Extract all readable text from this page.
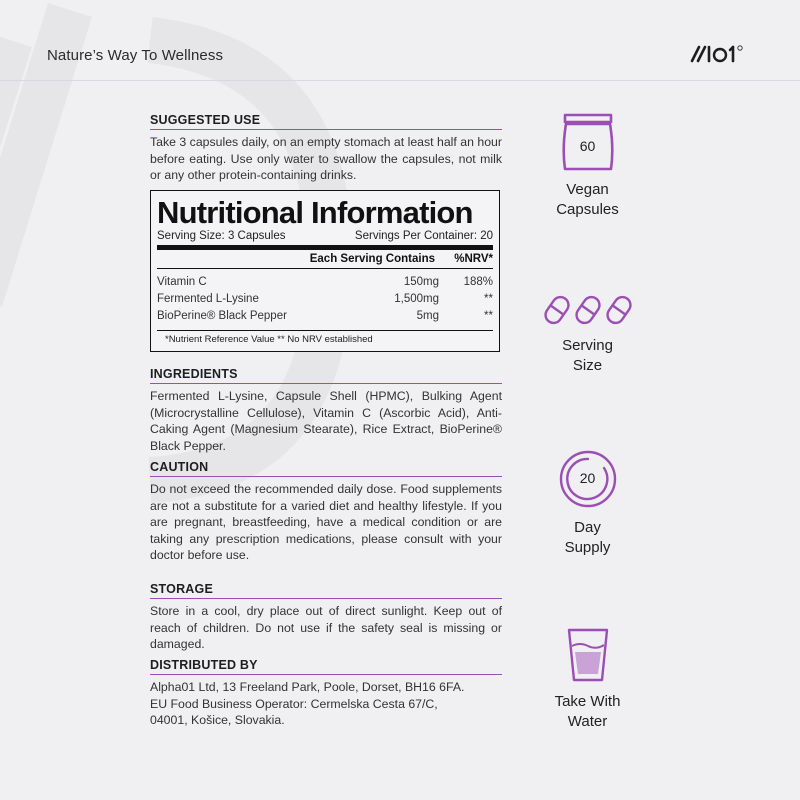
Nature’s Way To Wellness
SUGGESTED USE
Take 3 capsules daily, on an empty stomach at least half an hour before eating. Use only water to swallow the capsules, not milk or any other protein-containing drinks.
Nutritional Information
Serving Size: 3 Capsules	Servings Per Container: 20
Each Serving Contains	%NRV*
Vitamin C	150mg	188%
Fermented L-Lysine	1,500mg	**
BioPerine® Black Pepper	5mg	**
*Nutrient Reference Value ** No NRV established
INGREDIENTS
Fermented L-Lysine, Capsule Shell (HPMC), Bulking Agent (Microcrystalline Cellulose), Vitamin C (Ascorbic Acid), Anti-Caking Agent (Magnesium Stearate), Rice Extract, BioPerine® Black Pepper.
CAUTION
Do not exceed the recommended daily dose. Food supplements are not a substitute for a varied diet and healthy lifestyle. If you are pregnant, breastfeeding, have a medical condition or are taking any prescription medications, please consult with your doctor before use.
STORAGE
Store in a cool, dry place out of direct sunlight. Keep out of reach of children. Do not use if the safety seal is missing or damaged.
DISTRIBUTED BY
Alpha01 Ltd, 13 Freeland Park, Poole, Dorset, BH16 6FA.
EU Food Business Operator: Cermelska Cesta 67/C,
04001, Košice, Slovakia.
60
Vegan
Capsules
Serving
Size
20
Day
Supply
Take With
Water
